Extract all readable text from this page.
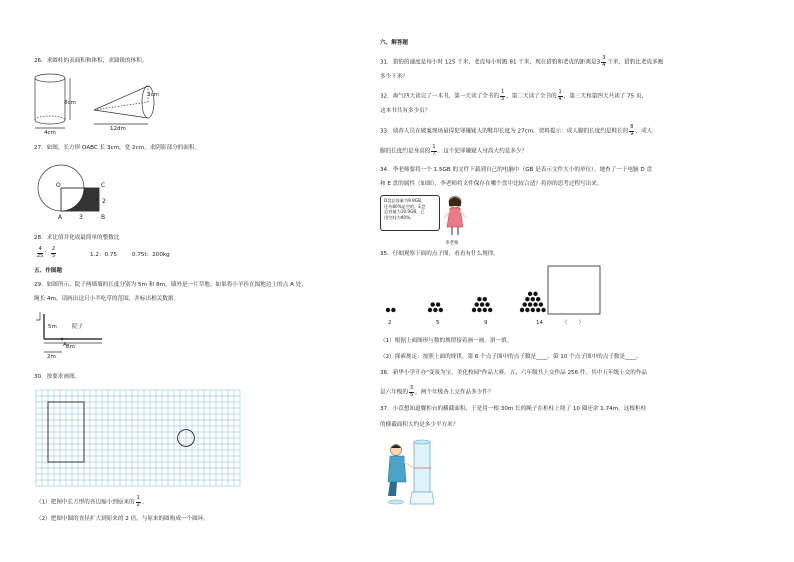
26．求圆柱的表面积和体积，求圆锥的体积。
8cm
4cm
3cm
12dm
27．如图，长方形 OABC 长 3cm，宽 2cm，求阴影部分的面积。
O	C
A	B
3
2
28．求比值并化成最简单的整数比
$\frac{4}{25}$ ： $\frac{2}{5}$	1.2：0.75	0.75t：200kg
五、作图题
29．如图所示，院子两墙墙的长度分别为 5m 和 8m，墙外是一片草地。如果将小羊拴在图地边上的点 A 处，
绳长 4m，请画出这只小羊吃草的范围，并标出相关数据。
5m	院子
8m
2m
A
30．按要求画图。
（1）把图中长方形的各边缩小到原来的 $\frac{1}{2}$ 。
（2）把图中圆的直径扩大到原来的 2 倍，与原来的圆构成一个圆环。
六、解答题
31．猎豹的速度是每小时 125 千米，老虎每小时跑 81 千米，现在猎豹和老虎的距离是$3 \frac{3}{4}$ 千米，猎豹比老虎多跑
多少千米？
32．淘气四天读完了一本书，第一天读了全书的 $\frac{1}{3}$ ，第二天读了全书的 $\frac{1}{4}$ ，第三天和第四天共读了 75 页，
这本书共有多少页？
33．侦查人员在破案现场量得犯罪嫌疑人的鞋印长度为 27cm。资料提示：成人脚的长度约是鞋长的 $\frac{8}{9}$ ，成人
脚的长度约是身高的 $\frac{1}{7}$ 。这个犯罪嫌疑人身高大约是多少？
34．李老师要将一个 1.5GB 的文件下载到自己的电脑中（GB 是表示文件大小的单位），她查了一下电脑 D 盘
和 E 盘的属性（如图），李老师将文件保存在哪个盘中比较合适？将你的思考过程写出来。
D盘总容量为9.9GB，
还有80%是空的。E盘
总容量为19.9GB，已
用空间为90%。
李老师
35．仔细观察下面的点子图，看看有什么规律。
2	5	9	14	（　　）
（1）根据上面图形与数的规律接着画一画，填一填。
（2）探索规定：按照上面的规律，第 6 个点子图中的点子数是____，第 10 个点子图中的点子数是____。
36．新华小学开办"变废为宝，美化校园"作品大赛。五、六年级共上交作品 256 件，其中五年级上交的作品
是六年级的 $\frac{3}{5}$ ，两个年级各上交作品多少件？
37．小苡想知道餐柜台的横截面积，于是用一根 30m 长的绳子在柜柱上绕了 10 圈还余 1.74m。这根柜柱
的横截面积大约是多少平方米？
